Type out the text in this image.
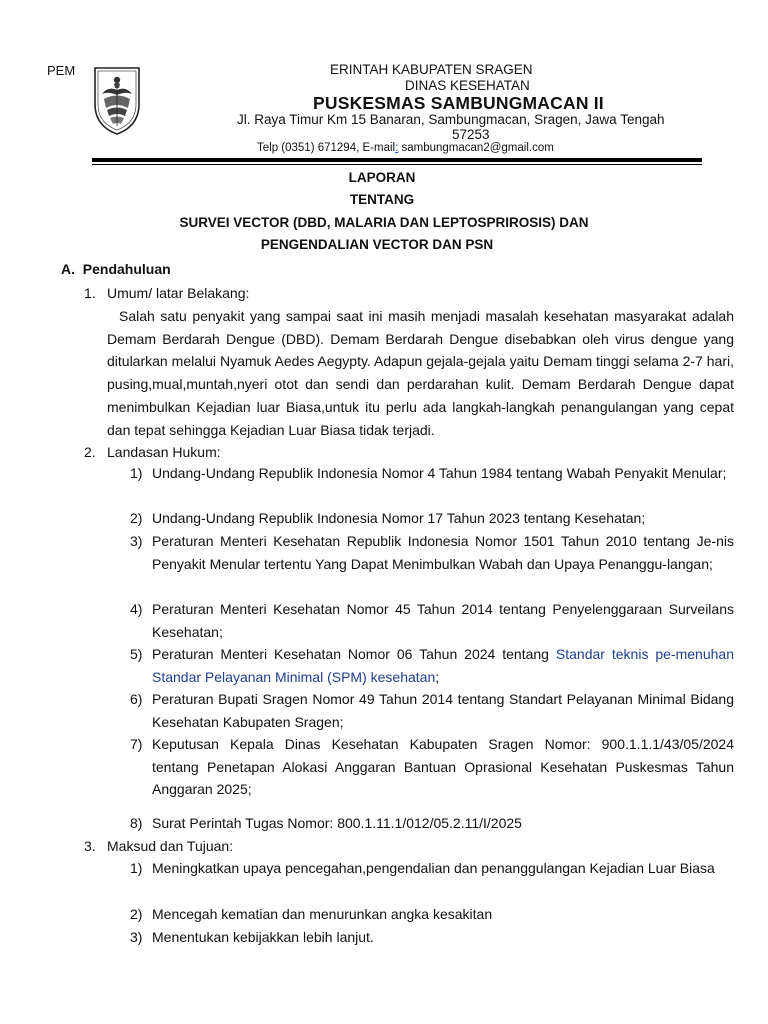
PEM	ERINTAH KABUPATEN SRAGEN
DINAS KESEHATAN
PUSKESMAS SAMBUNGMACAN II
Jl. Raya Timur Km 15 Banaran, Sambungmacan, Sragen, Jawa Tengah
57253
Telp (0351) 671294, E-mail: sambungmacan2@gmail.com
LAPORAN
TENTANG
SURVEI VECTOR (DBD, MALARIA DAN LEPTOSPRIROSIS) DAN
PENGENDALIAN VECTOR DAN PSN
A. Pendahuluan
1. Umum/ latar Belakang:
Salah satu penyakit yang sampai saat ini masih menjadi masalah kesehatan masyarakat adalah Demam Berdarah Dengue (DBD). Demam Berdarah Dengue disebabkan oleh virus dengue yang ditularkan melalui Nyamuk Aedes Aegypty. Adapun gejala-gejala yaitu Demam tinggi selama 2-7 hari, pusing,mual,muntah,nyeri otot dan sendi dan perdarahan kulit. Demam Berdarah Dengue dapat menimbulkan Kejadian luar Biasa,untuk itu perlu ada langkah-langkah penangulangan yang cepat dan tepat sehingga Kejadian Luar Biasa tidak terjadi.
2. Landasan Hukum:
1) Undang-Undang Republik Indonesia Nomor 4 Tahun 1984 tentang Wabah Penyakit Menular;
2) Undang-Undang Republik Indonesia Nomor 17 Tahun 2023 tentang Kesehatan;
3) Peraturan Menteri Kesehatan Republik Indonesia Nomor 1501 Tahun 2010 tentang Je-nis Penyakit Menular tertentu Yang Dapat Menimbulkan Wabah dan Upaya Penanggu-langan;
4) Peraturan Menteri Kesehatan Nomor 45 Tahun 2014 tentang Penyelenggaraan Surveilans Kesehatan;
5) Peraturan Menteri Kesehatan Nomor 06 Tahun 2024 tentang Standar teknis pe-menuhan Standar Pelayanan Minimal (SPM) kesehatan;
6) Peraturan Bupati Sragen Nomor 49 Tahun 2014 tentang Standart Pelayanan Minimal Bidang Kesehatan Kabupaten Sragen;
7) Keputusan Kepala Dinas Kesehatan Kabupaten Sragen Nomor: 900.1.1.1/43/05/2024 tentang Penetapan Alokasi Anggaran Bantuan Oprasional Kesehatan Puskesmas Tahun Anggaran 2025;
8) Surat Perintah Tugas Nomor: 800.1.11.1/012/05.2.11/I/2025
3. Maksud dan Tujuan:
1) Meningkatkan upaya pencegahan,pengendalian dan penanggulangan Kejadian Luar Biasa
2) Mencegah kematian dan menurunkan angka kesakitan
3) Menentukan kebijakkan lebih lanjut.
